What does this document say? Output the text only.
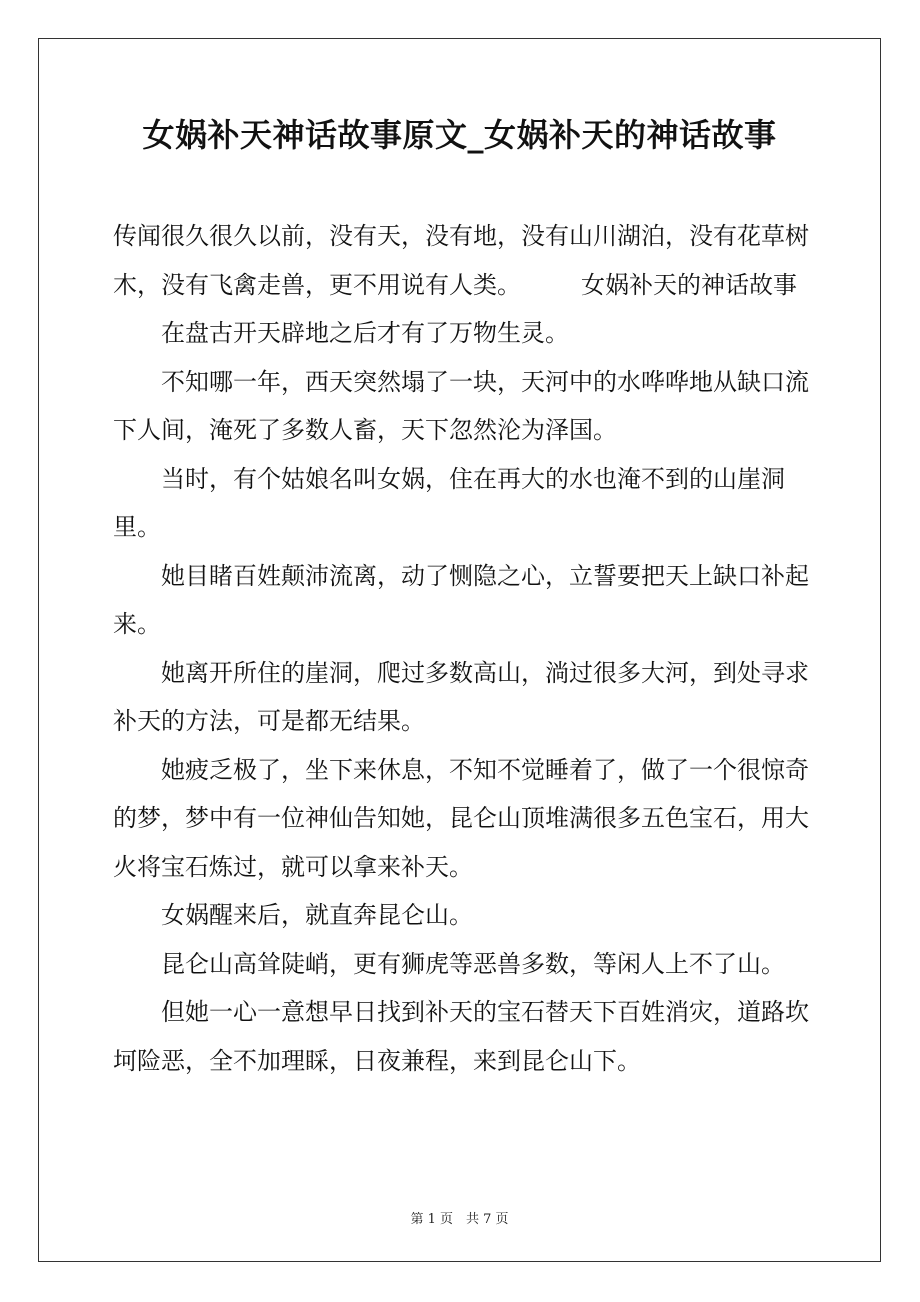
女娲补天神话故事原文_女娲补天的神话故事

传闻很久很久以前，没有天，没有地，没有山川湖泊，没有花草树木，没有飞禽走兽，更不用说有人类。　　　女娲补天的神话故事

在盘古开天辟地之后才有了万物生灵。

不知哪一年，西天突然塌了一块，天河中的水哗哗地从缺口流下人间，淹死了多数人畜，天下忽然沦为泽国。

当时，有个姑娘名叫女娲，住在再大的水也淹不到的山崖洞里。

她目睹百姓颠沛流离，动了恻隐之心，立誓要把天上缺口补起来。

她离开所住的崖洞，爬过多数高山，淌过很多大河，到处寻求补天的方法，可是都无结果。

她疲乏极了，坐下来休息，不知不觉睡着了，做了一个很惊奇的梦，梦中有一位神仙告知她，昆仑山顶堆满很多五色宝石，用大火将宝石炼过，就可以拿来补天。

女娲醒来后，就直奔昆仑山。

昆仑山高耸陡峭，更有狮虎等恶兽多数，等闲人上不了山。

但她一心一意想早日找到补天的宝石替天下百姓消灾，道路坎坷险恶，全不加理睬，日夜兼程，来到昆仑山下。

第 1 页　共 7 页
